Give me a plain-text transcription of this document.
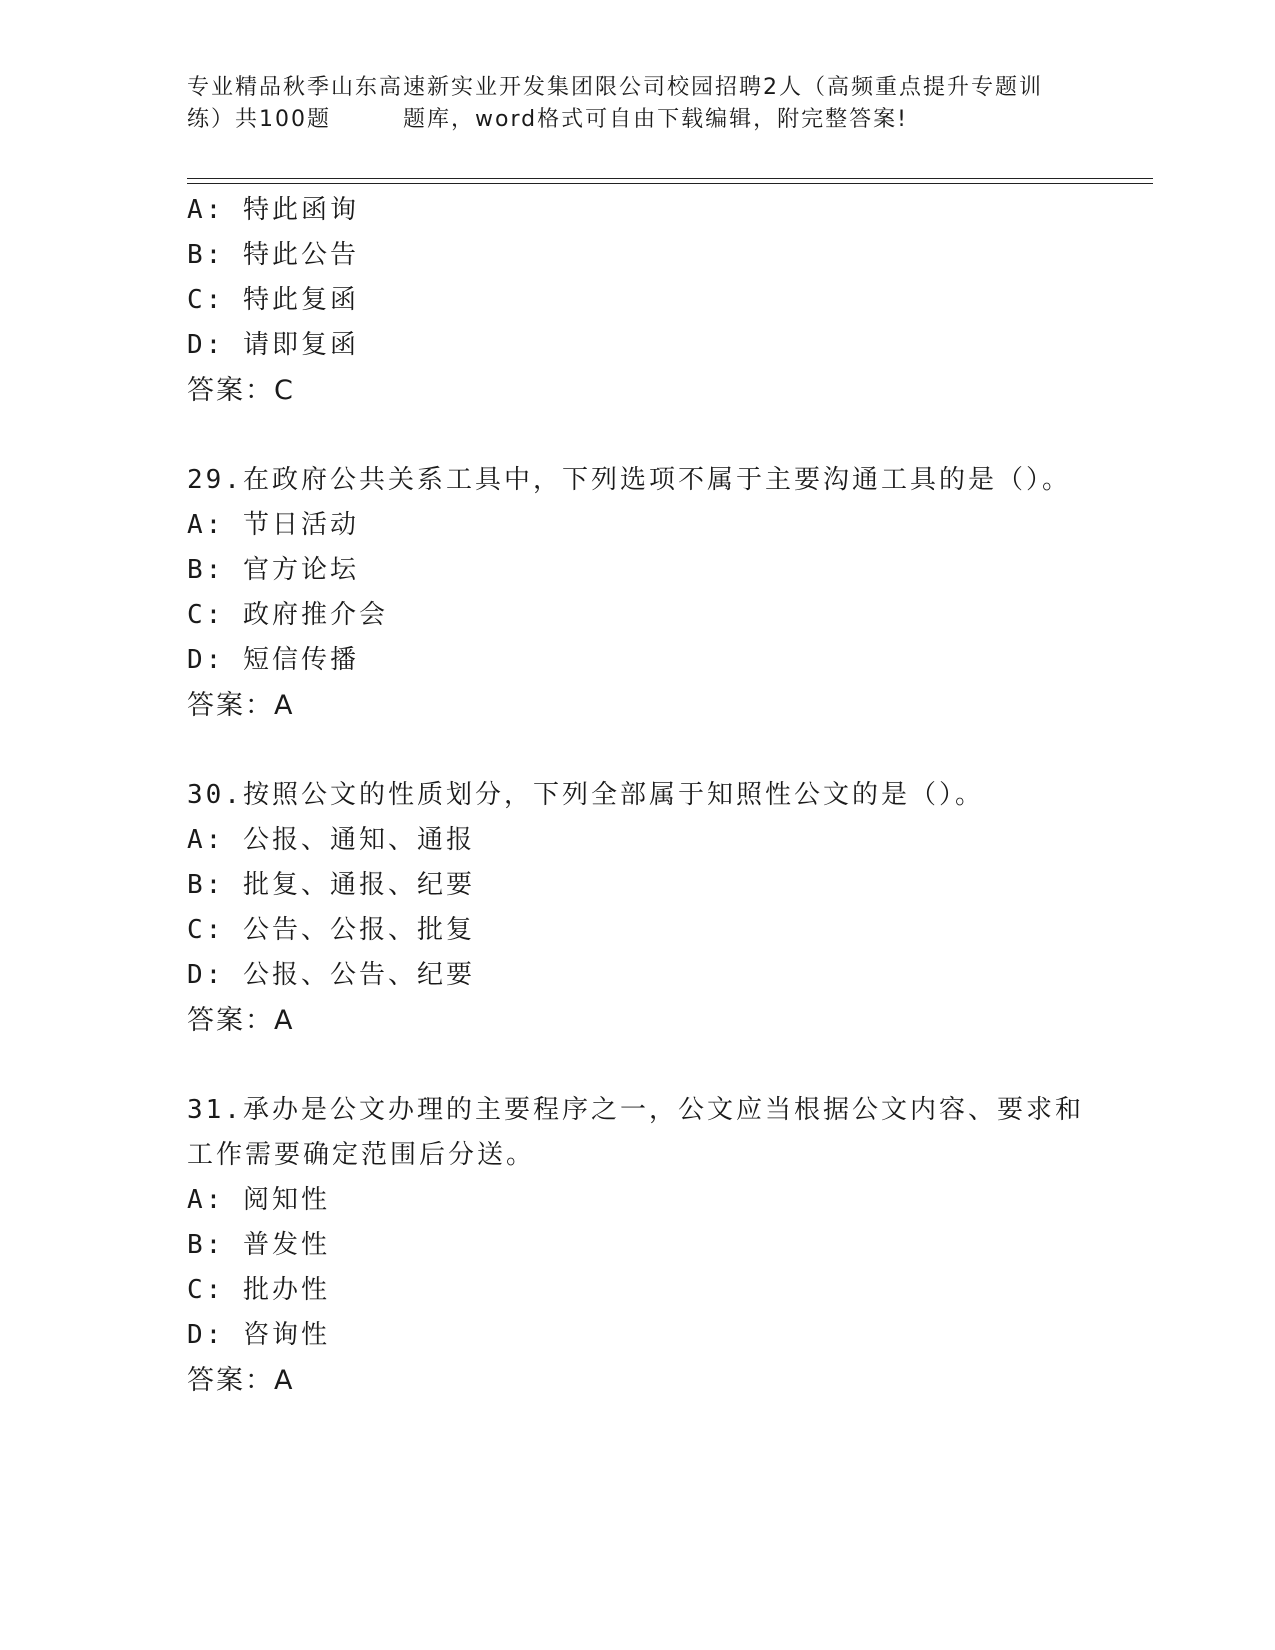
专业精品秋季山东高速新实业开发集团限公司校园招聘2人（高频重点提升专题训
练）共100题　　　题库，word格式可自由下载编辑，附完整答案!

A: 特此函询

B: 特此公告

C: 特此复函

D: 请即复函

答案：C

29.在政府公共关系工具中，下列选项不属于主要沟通工具的是（）。

A: 节日活动

B: 官方论坛

C: 政府推介会

D: 短信传播

答案：A

30.按照公文的性质划分，下列全部属于知照性公文的是（）。

A: 公报、通知、通报

B: 批复、通报、纪要

C: 公告、公报、批复

D: 公报、公告、纪要

答案：A

31.承办是公文办理的主要程序之一，公文应当根据公文内容、要求和

工作需要确定范围后分送。

A: 阅知性

B: 普发性

C: 批办性

D: 咨询性

答案：A
